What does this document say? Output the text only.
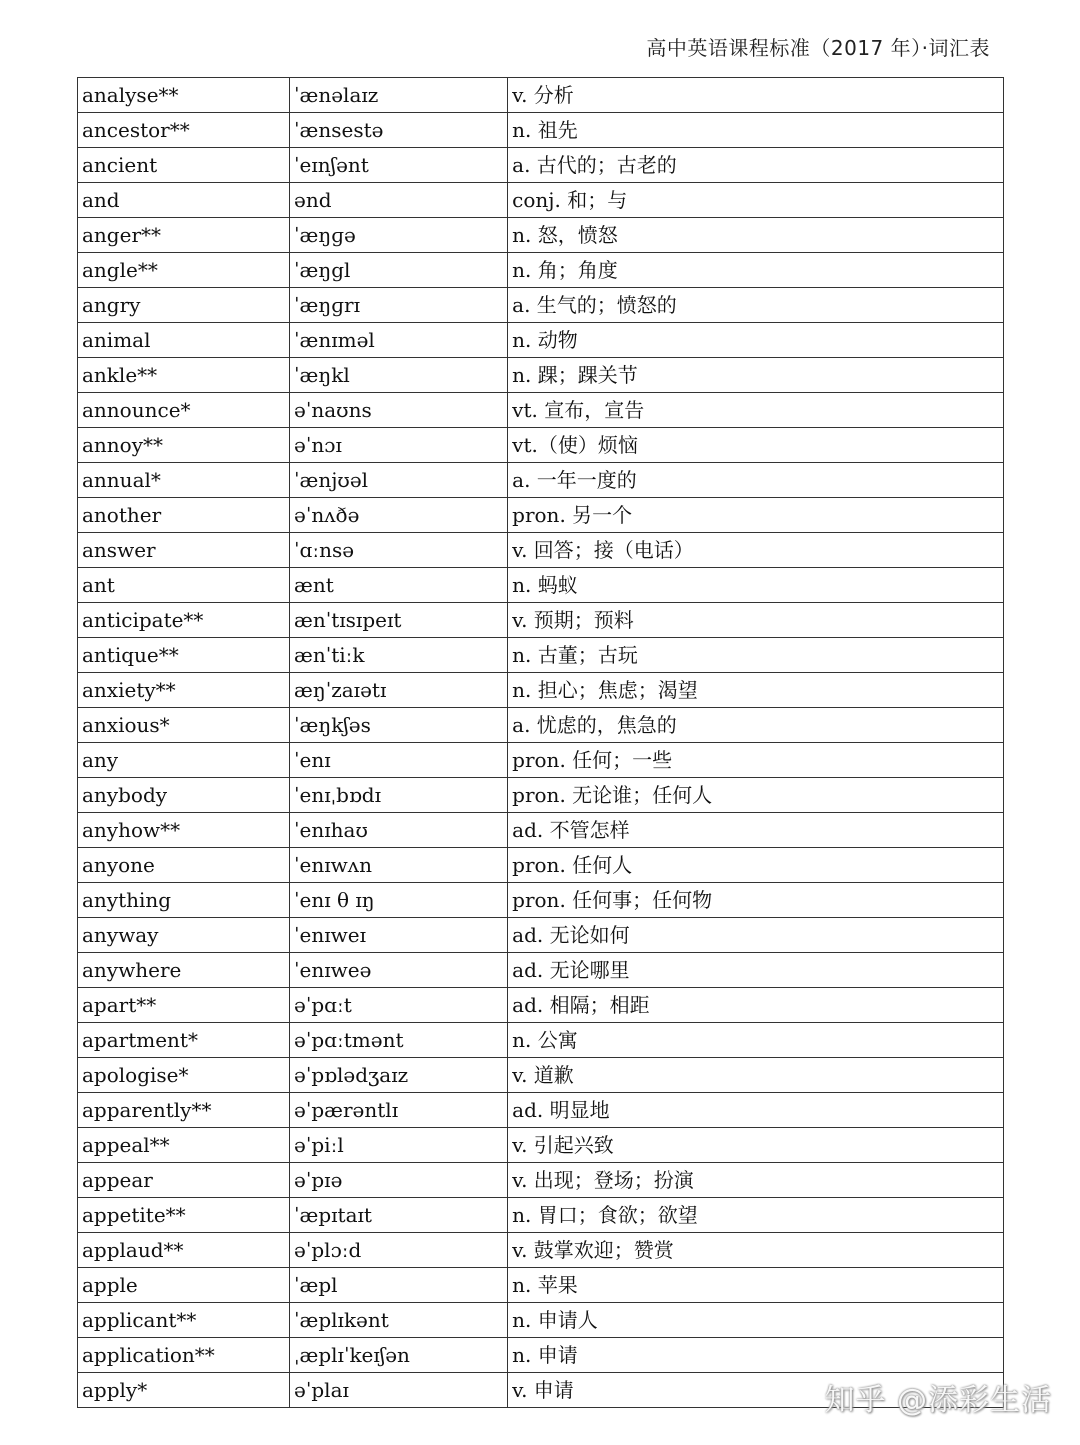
高中英语课程标准（2017 年）·词汇表
analyse**	ˈænəlaɪz	v. 分析
ancestor**	ˈænsestə	n. 祖先
ancient	ˈeɪnʃənt	a. 古代的；古老的
and	ənd	conj. 和；与
anger**	ˈæŋɡə	n. 怒，愤怒
angle**	ˈæŋgl	n. 角；角度
angry	ˈæŋɡrɪ	a. 生气的；愤怒的
animal	ˈænɪməl	n. 动物
ankle**	ˈæŋkl	n. 踝；踝关节
announce*	əˈnaʊns	vt. 宣布，宣告
annoy**	əˈnɔɪ	vt.（使）烦恼
annual*	ˈænjʊəl	a. 一年一度的
another	əˈnʌðə	pron. 另一个
answer	ˈɑːnsə	v. 回答；接（电话）
ant	ænt	n. 蚂蚁
anticipate**	ænˈtɪsɪpeɪt	v. 预期；预料
antique**	ænˈtiːk	n. 古董；古玩
anxiety**	æŋˈzaɪətɪ	n. 担心；焦虑；渴望
anxious*	ˈæŋkʃəs	a. 忧虑的，焦急的
any	ˈenɪ	pron. 任何；一些
anybody	ˈenɪˌbɒdɪ	pron. 无论谁；任何人
anyhow**	ˈenɪhaʊ	ad. 不管怎样
anyone	ˈenɪwʌn	pron. 任何人
anything	ˈenɪ θ ɪŋ	pron. 任何事；任何物
anyway	ˈenɪweɪ	ad. 无论如何
anywhere	ˈenɪweə	ad. 无论哪里
apart**	əˈpɑːt	ad. 相隔；相距
apartment*	əˈpɑːtmənt	n. 公寓
apologise*	əˈpɒlədʒaɪz	v. 道歉
apparently**	əˈpærəntlɪ	ad. 明显地
appeal**	əˈpiːl	v. 引起兴致
appear	əˈpɪə	v. 出现；登场；扮演
appetite**	ˈæpɪtaɪt	n. 胃口；食欲；欲望
applaud**	əˈplɔːd	v. 鼓掌欢迎；赞赏
apple	ˈæpl	n. 苹果
applicant**	ˈæplɪkənt	n. 申请人
application**	ˌæplɪˈkeɪʃən	n. 申请
apply*	əˈplaɪ	v. 申请	知乎 @添彩生活
